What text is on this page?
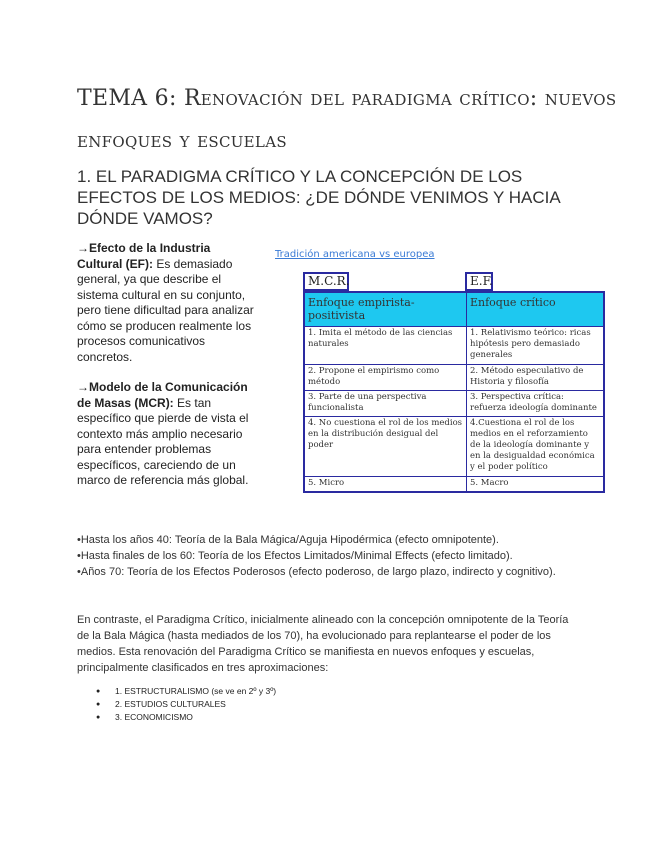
TEMA 6: Renovación del paradigma crítico: nuevos enfoques y escuelas
1. EL PARADIGMA CRÍTICO Y LA CONCEPCIÓN DE LOS EFECTOS DE LOS MEDIOS: ¿DE DÓNDE VENIMOS Y HACIA DÓNDE VAMOS?

→Efecto de la Industria Cultural (EF): Es demasiado general, ya que describe el sistema cultural en su conjunto, pero tiene dificultad para analizar cómo se producen realmente los procesos comunicativos concretos.

→Modelo de la Comunicación de Masas (MCR): Es tan específico que pierde de vista el contexto más amplio necesario para entender problemas específicos, careciendo de un marco de referencia más global.

Tradición americana vs europea
M.C.R.	E.F.
Enfoque empirista-positivista
Enfoque crítico
1. Imita el método de las ciencias naturales
1. Relativismo teórico: ricas hipótesis pero demasiado generales
2. Propone el empirismo como método
2. Método especulativo de Historia y filosofía
3. Parte de una perspectiva funcionalista
3. Perspectiva crítica: refuerza ideología dominante
4. No cuestiona el rol de los medios en la distribución desigual del poder
4.Cuestiona el rol de los medios en el reforzamiento de la ideología dominante y en la desigualdad económica y el poder político
5. Micro	5. Macro
•Hasta los años 40: Teoría de la Bala Mágica/Aguja Hipodérmica (efecto omnipotente).
•Hasta finales de los 60: Teoría de los Efectos Limitados/Minimal Effects (efecto limitado).
•Años 70: Teoría de los Efectos Poderosos (efecto poderoso, de largo plazo, indirecto y cognitivo).
En contraste, el Paradigma Crítico, inicialmente alineado con la concepción omnipotente de la Teoría de la Bala Mágica (hasta mediados de los 70), ha evolucionado para replantearse el poder de los medios. Esta renovación del Paradigma Crítico se manifiesta en nuevos enfoques y escuelas, principalmente clasificados en tres aproximaciones:
● 1. ESTRUCTURALISMO (se ve en 2º y 3º)
● 2. ESTUDIOS CULTURALES
● 3. ECONOMICISMO
